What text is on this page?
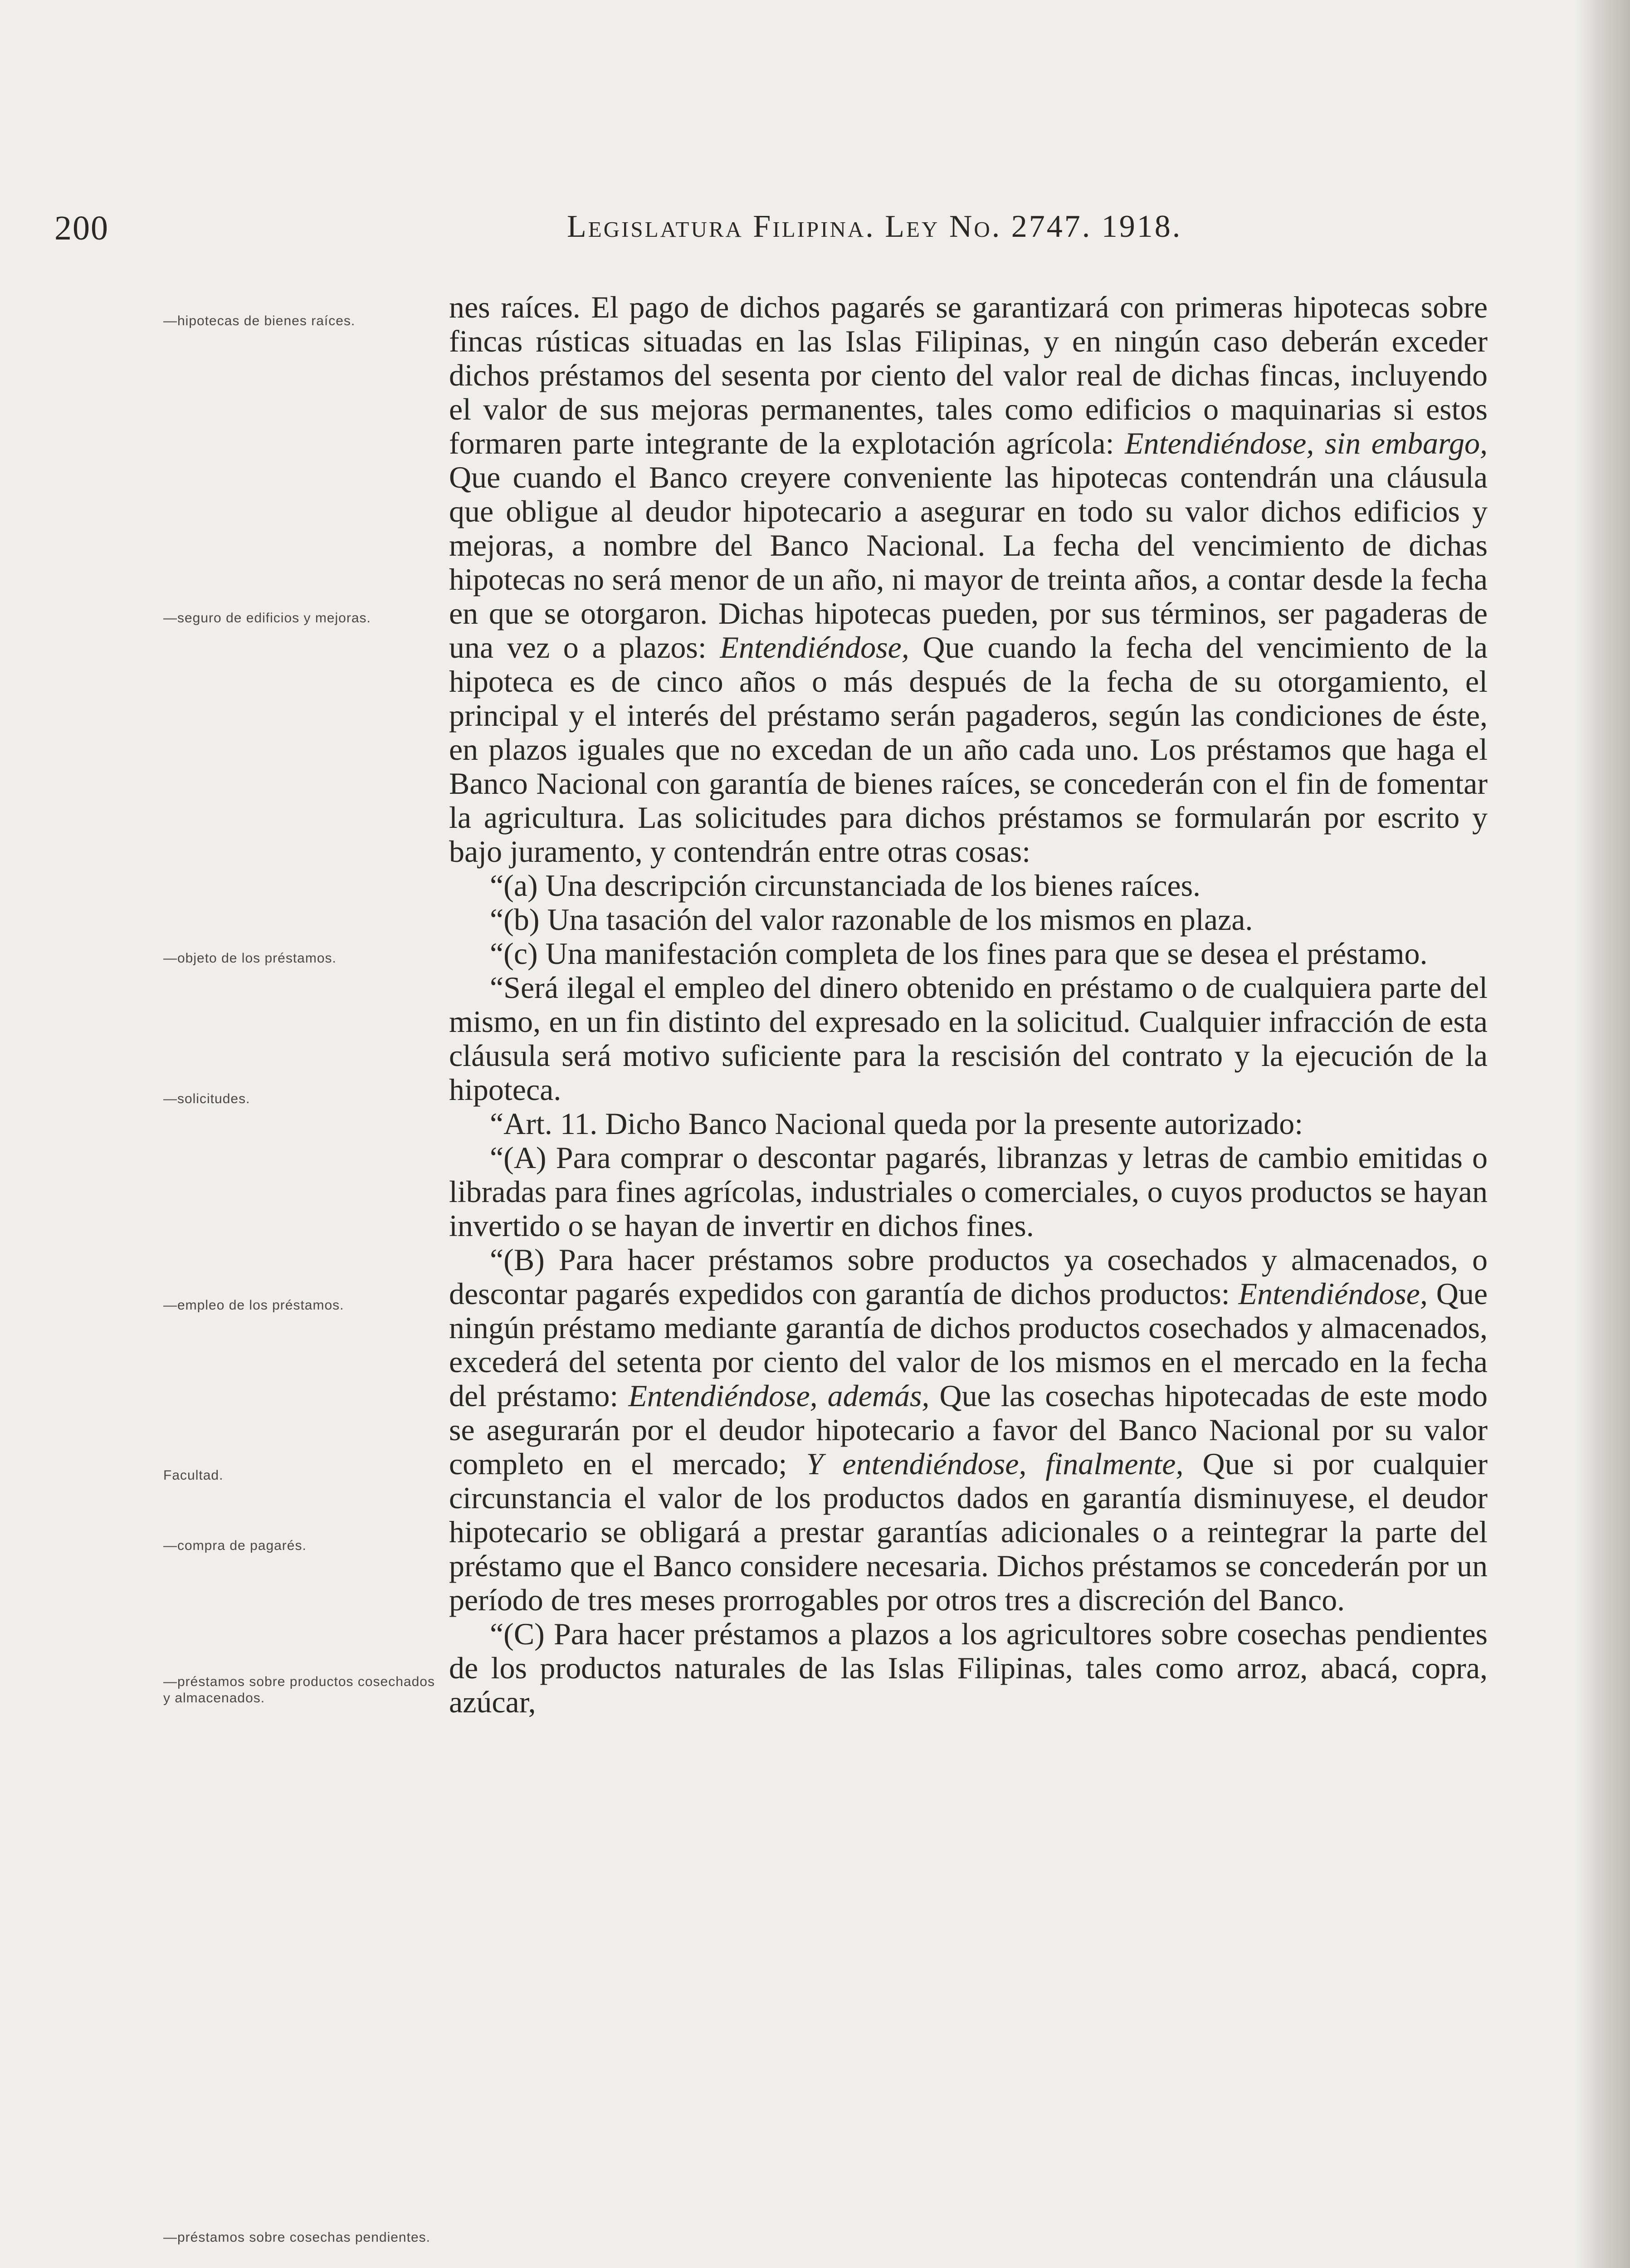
200	Legislatura Filipina. Ley No. 2747. 1918.
—hipotecas de bienes raíces.
—seguro de edificios y mejoras.
—objeto de los préstamos.
—solicitudes.
—empleo de los préstamos.
Facultad.
—compra de pagarés.
—préstamos sobre productos cosechados y almacenados.
—préstamos sobre cosechas pendientes.

nes raíces. El pago de dichos pagarés se garantizará con primeras hipotecas sobre fincas rústicas situadas en las Islas Filipinas, y en ningún caso deberán exceder dichos préstamos del sesenta por ciento del valor real de dichas fincas, incluyendo el valor de sus mejoras permanentes, tales como edificios o maquinarias si estos formaren parte integrante de la explotación agrícola: Entendiéndose, sin embargo, Que cuando el Banco creyere conveniente las hipotecas contendrán una cláusula que obligue al deudor hipotecario a asegurar en todo su valor dichos edificios y mejoras, a nombre del Banco Nacional. La fecha del vencimiento de dichas hipotecas no será menor de un año, ni mayor de treinta años, a contar desde la fecha en que se otorgaron. Dichas hipotecas pueden, por sus términos, ser pagaderas de una vez o a plazos: Entendiéndose, Que cuando la fecha del vencimiento de la hipoteca es de cinco años o más después de la fecha de su otorgamiento, el principal y el interés del préstamo serán pagaderos, según las condiciones de éste, en plazos iguales que no excedan de un año cada uno. Los préstamos que haga el Banco Nacional con garantía de bienes raíces, se concederán con el fin de fomentar la agricultura. Las solicitudes para dichos préstamos se formularán por escrito y bajo juramento, y contendrán entre otras cosas:

“(a) Una descripción circunstanciada de los bienes raíces.

“(b) Una tasación del valor razonable de los mismos en plaza.

“(c) Una manifestación completa de los fines para que se desea el préstamo.

“Será ilegal el empleo del dinero obtenido en préstamo o de cualquiera parte del mismo, en un fin distinto del expresado en la solicitud. Cualquier infracción de esta cláusula será motivo suficiente para la rescisión del contrato y la ejecución de la hipoteca.

“Art. 11. Dicho Banco Nacional queda por la presente autorizado:

“(A) Para comprar o descontar pagarés, libranzas y letras de cambio emitidas o libradas para fines agrícolas, industriales o comerciales, o cuyos productos se hayan invertido o se hayan de invertir en dichos fines.

“(B) Para hacer préstamos sobre productos ya cosechados y almacenados, o descontar pagarés expedidos con garantía de dichos productos: Entendiéndose, Que ningún préstamo mediante garantía de dichos productos cosechados y almacenados, excederá del setenta por ciento del valor de los mismos en el mercado en la fecha del préstamo: Entendiéndose, además, Que las cosechas hipotecadas de este modo se asegurarán por el deudor hipotecario a favor del Banco Nacional por su valor completo en el mercado; Y entendiéndose, finalmente, Que si por cualquier circunstancia el valor de los productos dados en garantía disminuyese, el deudor hipotecario se obligará a prestar garantías adicionales o a reintegrar la parte del préstamo que el Banco considere necesaria. Dichos préstamos se concederán por un período de tres meses prorrogables por otros tres a discreción del Banco.

“(C) Para hacer préstamos a plazos a los agricultores sobre cosechas pendientes de los productos naturales de las Islas Filipinas, tales como arroz, abacá, copra, azúcar,
